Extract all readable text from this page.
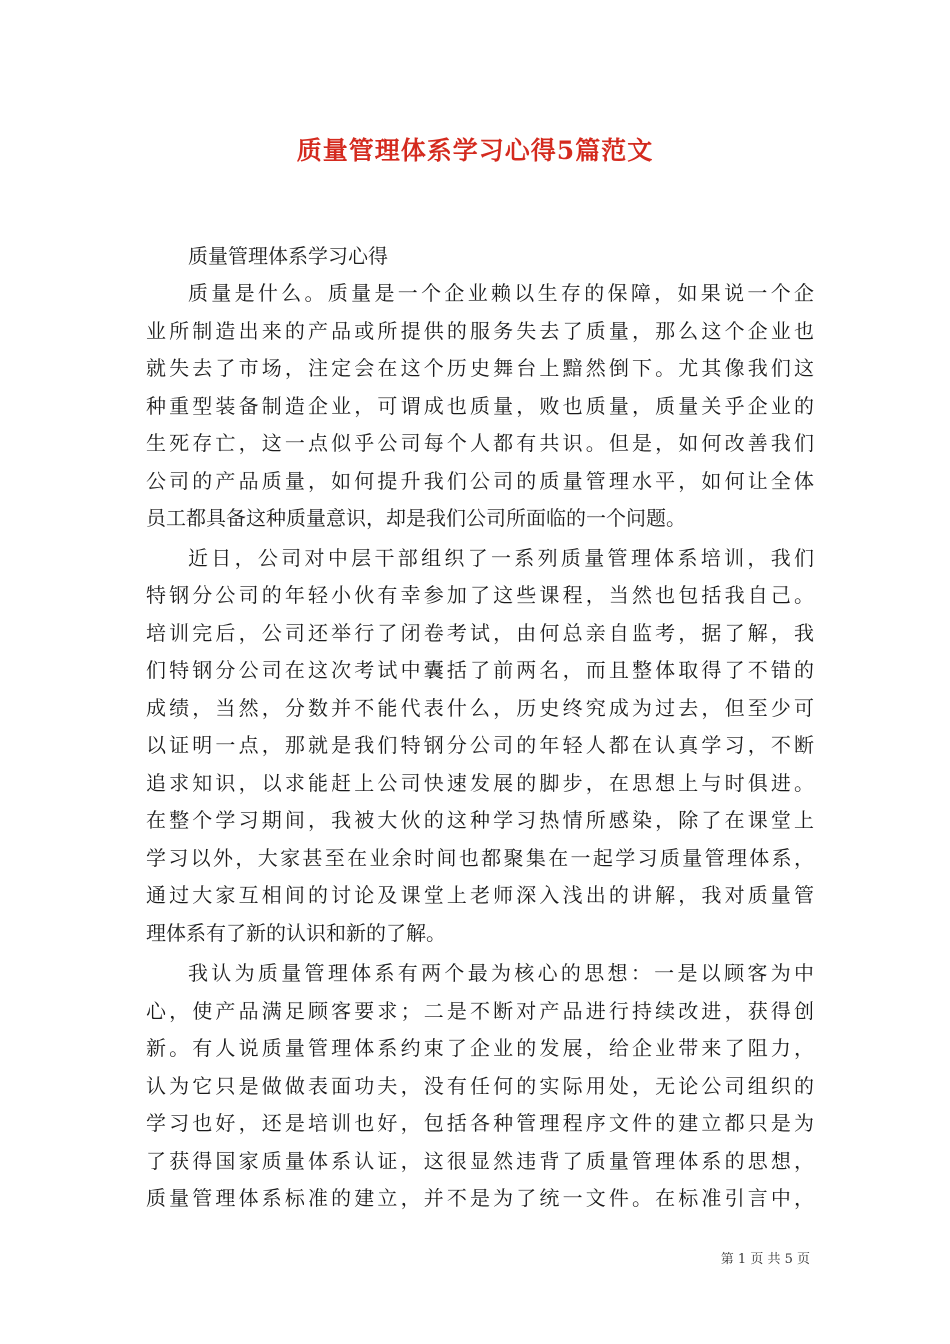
质量管理体系学习心得5篇范文
质量管理体系学习心得

质量是什么。质量是一个企业赖以生存的保障，如果说一个企
业所制造出来的产品或所提供的服务失去了质量，那么这个企业也
就失去了市场，注定会在这个历史舞台上黯然倒下。尤其像我们这
种重型装备制造企业，可谓成也质量，败也质量，质量关乎企业的
生死存亡，这一点似乎公司每个人都有共识。但是，如何改善我们
公司的产品质量，如何提升我们公司的质量管理水平，如何让全体
员工都具备这种质量意识，却是我们公司所面临的一个问题。

近日，公司对中层干部组织了一系列质量管理体系培训，我们
特钢分公司的年轻小伙有幸参加了这些课程，当然也包括我自己。
培训完后，公司还举行了闭卷考试，由何总亲自监考，据了解，我
们特钢分公司在这次考试中囊括了前两名，而且整体取得了不错的
成绩，当然，分数并不能代表什么，历史终究成为过去，但至少可
以证明一点，那就是我们特钢分公司的年轻人都在认真学习，不断
追求知识，以求能赶上公司快速发展的脚步，在思想上与时俱进。
在整个学习期间，我被大伙的这种学习热情所感染，除了在课堂上
学习以外，大家甚至在业余时间也都聚集在一起学习质量管理体系，
通过大家互相间的讨论及课堂上老师深入浅出的讲解，我对质量管
理体系有了新的认识和新的了解。

我认为质量管理体系有两个最为核心的思想：一是以顾客为中
心，使产品满足顾客要求；二是不断对产品进行持续改进，获得创
新。有人说质量管理体系约束了企业的发展，给企业带来了阻力，
认为它只是做做表面功夫，没有任何的实际用处，无论公司组织的
学习也好，还是培训也好，包括各种管理程序文件的建立都只是为
了获得国家质量体系认证，这很显然违背了质量管理体系的思想，
质量管理体系标准的建立，并不是为了统一文件。在标准引言中，

第 1 页 共 5 页
